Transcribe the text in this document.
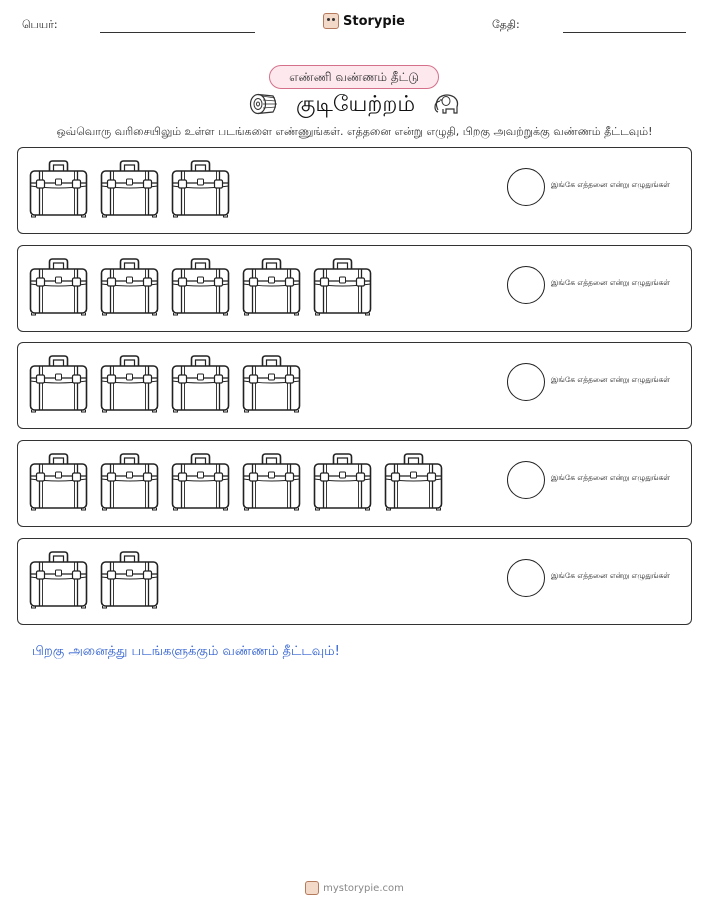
பெயர்:	Storypie	தேதி:
எண்ணி வண்ணம் தீட்டு
குடியேற்றம்
ஒவ்வொரு வரிசையிலும் உள்ள படங்களை எண்ணுங்கள். எத்தனை என்று எழுதி, பிறகு அவற்றுக்கு வண்ணம் தீட்டவும்!
இங்கே எத்தனை என்று எழுதுங்கள்
இங்கே எத்தனை என்று எழுதுங்கள்
இங்கே எத்தனை என்று எழுதுங்கள்
இங்கே எத்தனை என்று எழுதுங்கள்
இங்கே எத்தனை என்று எழுதுங்கள்
பிறகு அனைத்து படங்களுக்கும் வண்ணம் தீட்டவும்!
mystorypie.com
